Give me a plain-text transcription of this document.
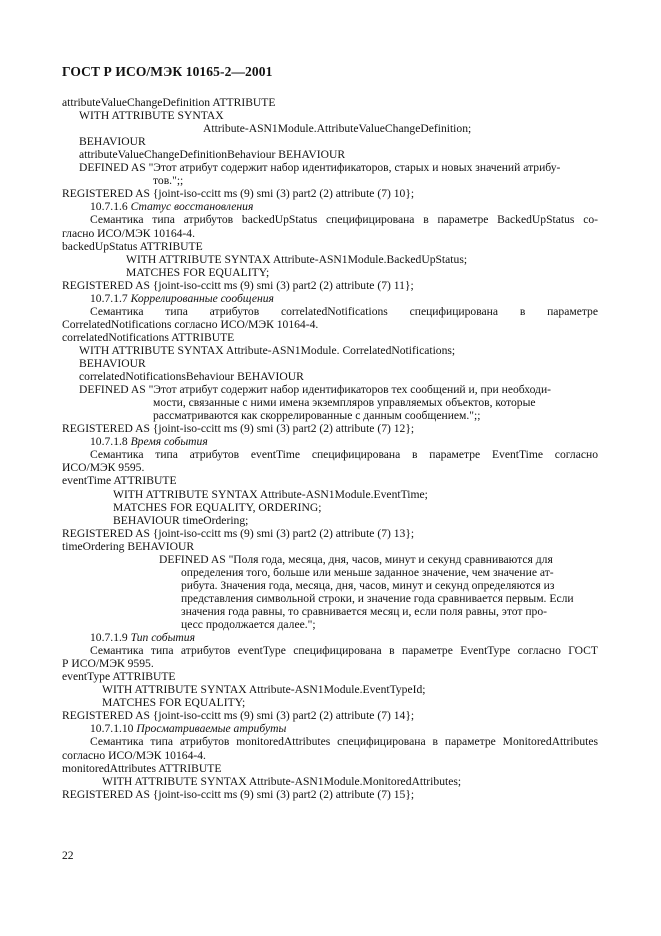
ГОСТ Р ИСО/МЭК 10165-2—2001
attributeValueChangeDefinition ATTRIBUTE
WITH ATTRIBUTE SYNTAX
Attribute-ASN1Module.AttributeValueChangeDefinition;
BEHAVIOUR
attributeValueChangeDefinitionBehaviour BEHAVIOUR
DEFINED AS "Этот атрибут содержит набор идентификаторов, старых и новых значений атрибу-
тов.";;
REGISTERED AS {joint-iso-ccitt ms (9) smi (3) part2 (2) attribute (7) 10};
10.7.1.6 Статус восстановления
Семантика типа атрибутов backedUpStatus специфицирована в параметре BackedUpStatus со-
гласно ИСО/МЭК 10164-4.
backedUpStatus ATTRIBUTE
WITH ATTRIBUTE SYNTAX Attribute-ASN1Module.BackedUpStatus;
MATCHES FOR EQUALITY;
REGISTERED AS {joint-iso-ccitt ms (9) smi (3) part2 (2) attribute (7) 11};
10.7.1.7 Коррелированные сообщения
Семантика типа атрибутов correlatedNotifications специфицирована в параметре
CorrelatedNotifications согласно ИСО/МЭК 10164-4.
correlatedNotifications ATTRIBUTE
WITH ATTRIBUTE SYNTAX Attribute-ASN1Module. CorrelatedNotifications;
BEHAVIOUR
correlatedNotificationsBehaviour BEHAVIOUR
DEFINED AS "Этот атрибут содержит набор идентификаторов тех сообщений и, при необходи-
мости, связанные с ними имена экземпляров управляемых объектов, которые
рассматриваются как скоррелированные с данным сообщением.";;
REGISTERED AS {joint-iso-ccitt ms (9) smi (3) part2 (2) attribute (7) 12};
10.7.1.8 Время события
Семантика типа атрибутов eventTime специфицирована в параметре EventTime согласно
ИСО/МЭК 9595.
eventTime ATTRIBUTE
WITH ATTRIBUTE SYNTAX Attribute-ASN1Module.EventTime;
MATCHES FOR EQUALITY, ORDERING;
BEHAVIOUR timeOrdering;
REGISTERED AS {joint-iso-ccitt ms (9) smi (3) part2 (2) attribute (7) 13};
timeOrdering BEHAVIOUR
DEFINED AS "Поля года, месяца, дня, часов, минут и секунд сравниваются для
определения того, больше или меньше заданное значение, чем значение ат-
рибута. Значения года, месяца, дня, часов, минут и секунд определяются из
представления символьной строки, и значение года сравнивается первым. Если
значения года равны, то сравнивается месяц и, если поля равны, этот про-
цесс продолжается далее.";
10.7.1.9 Тип события
Семантика типа атрибутов eventType специфицирована в параметре EventType согласно ГОСТ
Р ИСО/МЭК 9595.
eventType ATTRIBUTE
WITH ATTRIBUTE SYNTAX Attribute-ASN1Module.EventTypeId;
MATCHES FOR EQUALITY;
REGISTERED AS {joint-iso-ccitt ms (9) smi (3) part2 (2) attribute (7) 14};
10.7.1.10 Просматриваемые атрибуты
Семантика типа атрибутов monitoredAttributes специфицирована в параметре MonitoredAttributes
согласно ИСО/МЭК 10164-4.
monitoredAttributes ATTRIBUTE
WITH ATTRIBUTE SYNTAX Attribute-ASN1Module.MonitoredAttributes;
REGISTERED AS {joint-iso-ccitt ms (9) smi (3) part2 (2) attribute (7) 15};
22
